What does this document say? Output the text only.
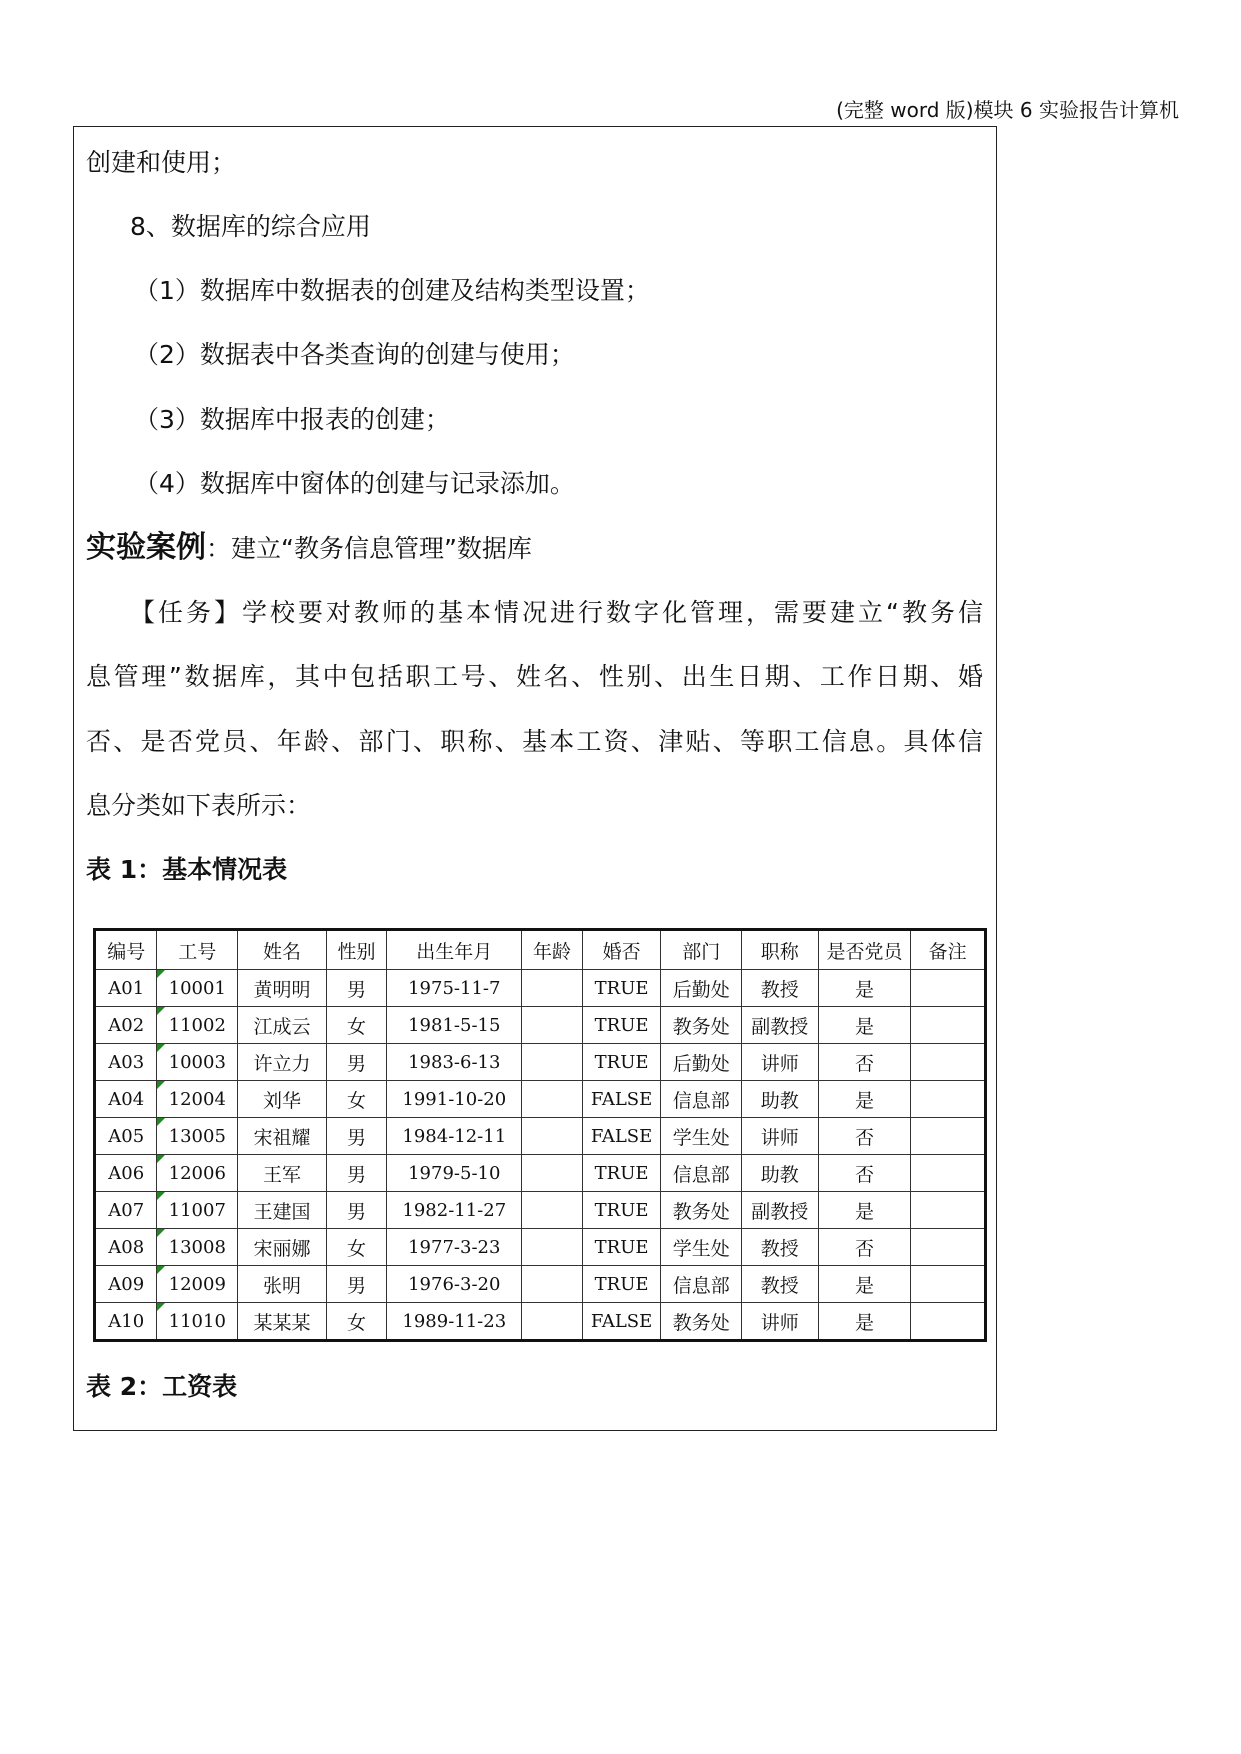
(完整 word 版)模块 6 实验报告计算机

创建和使用；

8、数据库的综合应用

（1）数据库中数据表的创建及结构类型设置；

（2）数据表中各类查询的创建与使用；

（3）数据库中报表的创建；

（4）数据库中窗体的创建与记录添加。

实验案例：建立“教务信息管理”数据库

【任务】学校要对教师的基本情况进行数字化管理，需要建立“教务信

息管理”数据库，其中包括职工号、姓名、性别、出生日期、工作日期、婚

否、是否党员、年龄、部门、职称、基本工资、津贴、等职工信息。具体信

息分类如下表所示：

表 1：基本情况表

编号	工号	姓名	性别	出生年月	年龄	婚否	部门	职称	是否党员	备注
A01	10001	黄明明	男	1975-11-7		TRUE	后勤处	教授	是	
A02	11002	江成云	女	1981-5-15		TRUE	教务处	副教授	是	
A03	10003	许立力	男	1983-6-13		TRUE	后勤处	讲师	否	
A04	12004	刘华	女	1991-10-20		FALSE	信息部	助教	是	
A05	13005	宋祖耀	男	1984-12-11		FALSE	学生处	讲师	否	
A06	12006	王军	男	1979-5-10		TRUE	信息部	助教	否	
A07	11007	王建国	男	1982-11-27		TRUE	教务处	副教授	是	
A08	13008	宋丽娜	女	1977-3-23		TRUE	学生处	教授	否	
A09	12009	张明	男	1976-3-20		TRUE	信息部	教授	是	
A10	11010	某某某	女	1989-11-23		FALSE	教务处	讲师	是	

表 2：工资表
